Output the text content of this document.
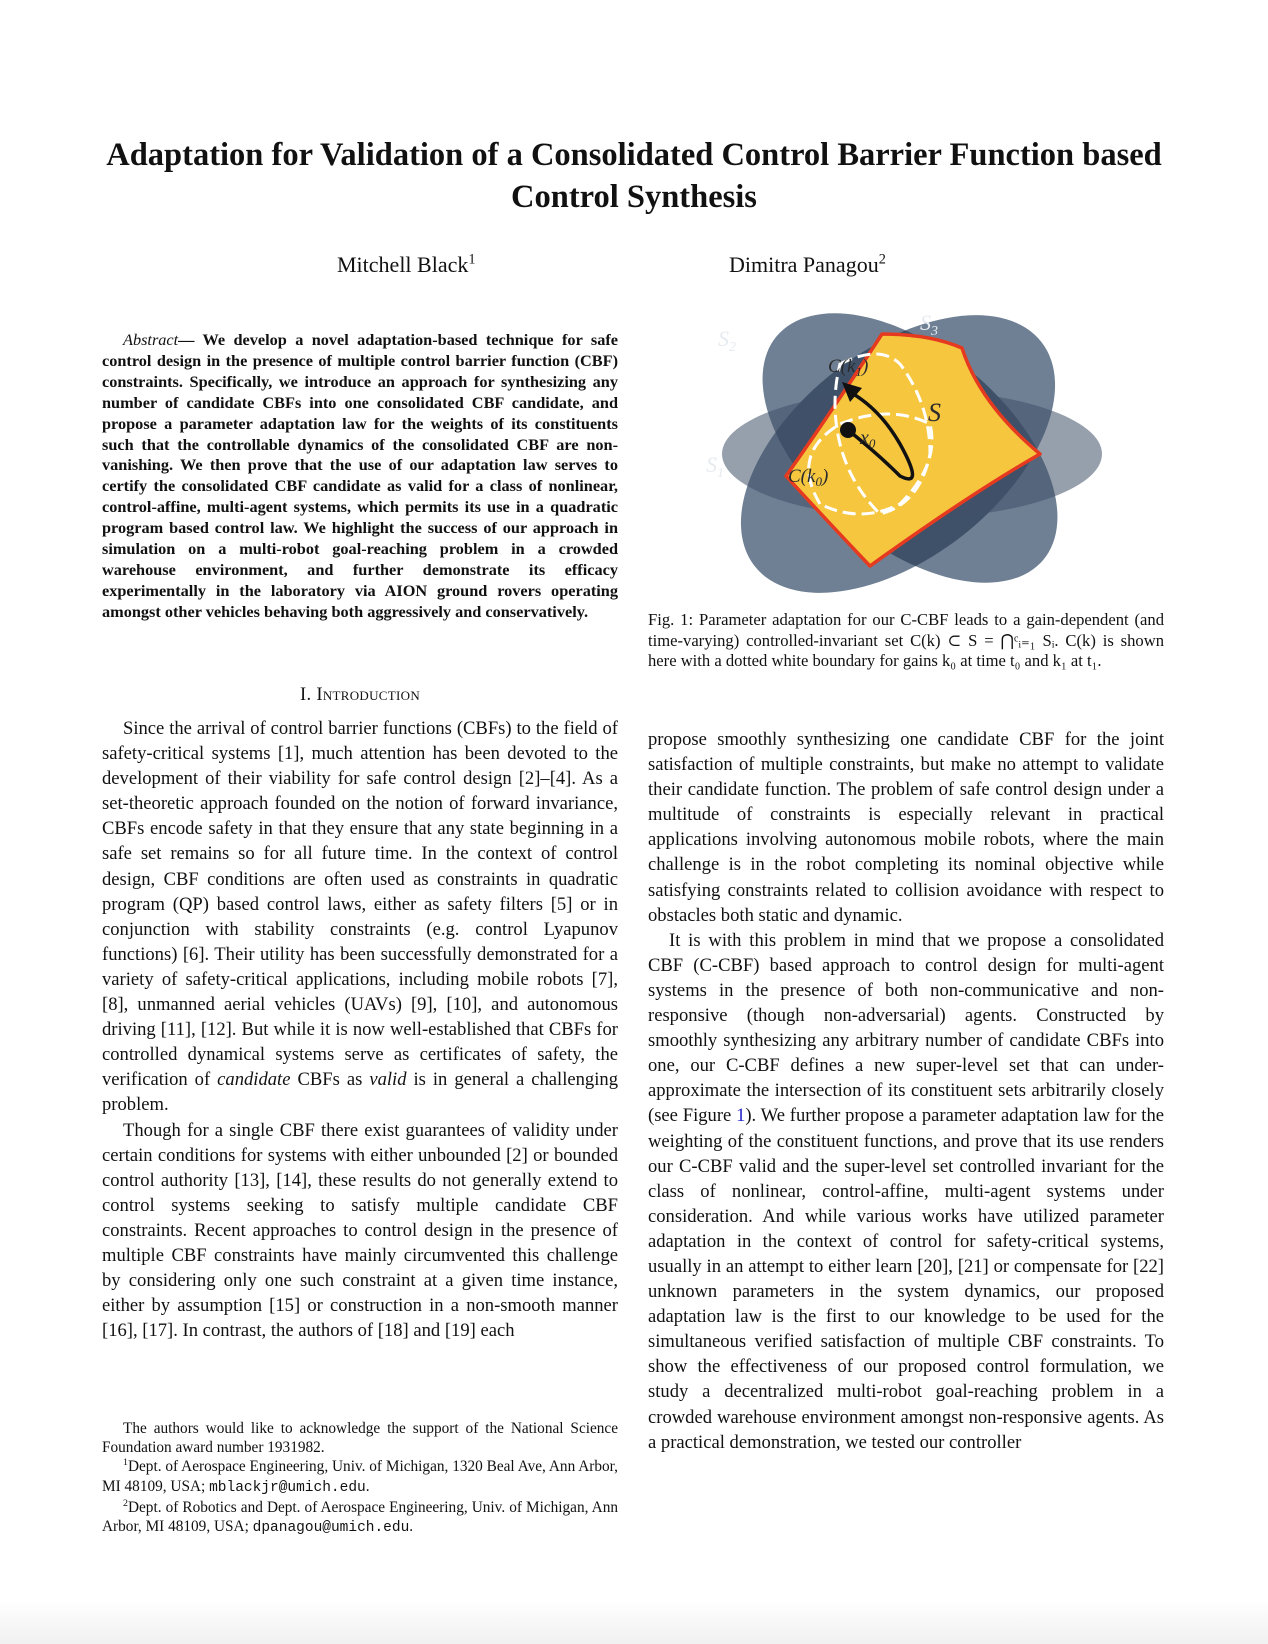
Adaptation for Validation of a Consolidated Control Barrier Function based Control Synthesis
Mitchell Black$^1$	Dimitra Panagou$^2$

Abstract— We develop a novel adaptation-based technique for safe control design in the presence of multiple control barrier function (CBF) constraints. Specifically, we introduce an approach for synthesizing any number of candidate CBFs into one consolidated CBF candidate, and propose a parameter adaptation law for the weights of its constituents such that the controllable dynamics of the consolidated CBF are non-vanishing. We then prove that the use of our adaptation law serves to certify the consolidated CBF candidate as valid for a class of nonlinear, control-affine, multi-agent systems, which permits its use in a quadratic program based control law. We highlight the success of our approach in simulation on a multi-robot goal-reaching problem in a crowded warehouse environment, and further demonstrate its efficacy experimentally in the laboratory via AION ground rovers operating amongst other vehicles behaving both aggressively and conservatively.

I. Introduction

Since the arrival of control barrier functions (CBFs) to the field of safety-critical systems [1], much attention has been devoted to the development of their viability for safe control design [2]–[4]. As a set-theoretic approach founded on the notion of forward invariance, CBFs encode safety in that they ensure that any state beginning in a safe set remains so for all future time. In the context of control design, CBF conditions are often used as constraints in quadratic program (QP) based control laws, either as safety filters [5] or in conjunction with stability constraints (e.g. control Lyapunov functions) [6]. Their utility has been successfully demonstrated for a variety of safety-critical applications, including mobile robots [7], [8], unmanned aerial vehicles (UAVs) [9], [10], and autonomous driving [11], [12]. But while it is now well-established that CBFs for controlled dynamical systems serve as certificates of safety, the verification of candidate CBFs as valid is in general a challenging problem.

Though for a single CBF there exist guarantees of validity under certain conditions for systems with either unbounded [2] or bounded control authority [13], [14], these results do not generally extend to control systems seeking to satisfy multiple candidate CBF constraints. Recent approaches to control design in the presence of multiple CBF constraints have mainly circumvented this challenge by considering only one such constraint at a given time instance, either by assumption [15] or construction in a non-smooth manner [16], [17]. In contrast, the authors of [18] and [19] each

The authors would like to acknowledge the support of the National Science Foundation award number 1931982.

$^1$Dept. of Aerospace Engineering, Univ. of Michigan, 1320 Beal Ave, Ann Arbor, MI 48109, USA; mblackjr@umich.edu.

$^2$Dept. of Robotics and Dept. of Aerospace Engineering, Univ. of Michigan, Ann Arbor, MI 48109, USA; dpanagou@umich.edu.

$S_2$
$S_3$
$S_1$
S
$C(k_1)$
$C(k_0)$
$x_0$
Fig. 1: Parameter adaptation for our C-CBF leads to a gain-dependent (and time-varying) controlled-invariant set C(k) ⊂ S = ⋂ᶜᵢ₌₁ Sᵢ. C(k) is shown here with a dotted white boundary for gains k₀ at time t₀ and k₁ at t₁.

propose smoothly synthesizing one candidate CBF for the joint satisfaction of multiple constraints, but make no attempt to validate their candidate function. The problem of safe control design under a multitude of constraints is especially relevant in practical applications involving autonomous mobile robots, where the main challenge is in the robot completing its nominal objective while satisfying constraints related to collision avoidance with respect to obstacles both static and dynamic.

It is with this problem in mind that we propose a consolidated CBF (C-CBF) based approach to control design for multi-agent systems in the presence of both non-communicative and non-responsive (though non-adversarial) agents. Constructed by smoothly synthesizing any arbitrary number of candidate CBFs into one, our C-CBF defines a new super-level set that can under-approximate the intersection of its constituent sets arbitrarily closely (see Figure 1). We further propose a parameter adaptation law for the weighting of the constituent functions, and prove that its use renders our C-CBF valid and the super-level set controlled invariant for the class of nonlinear, control-affine, multi-agent systems under consideration. And while various works have utilized parameter adaptation in the context of control for safety-critical systems, usually in an attempt to either learn [20], [21] or compensate for [22] unknown parameters in the system dynamics, our proposed adaptation law is the first to our knowledge to be used for the simultaneous verified satisfaction of multiple CBF constraints. To show the effectiveness of our proposed control formulation, we study a decentralized multi-robot goal-reaching problem in a crowded warehouse environment amongst non-responsive agents. As a practical demonstration, we tested our controller
